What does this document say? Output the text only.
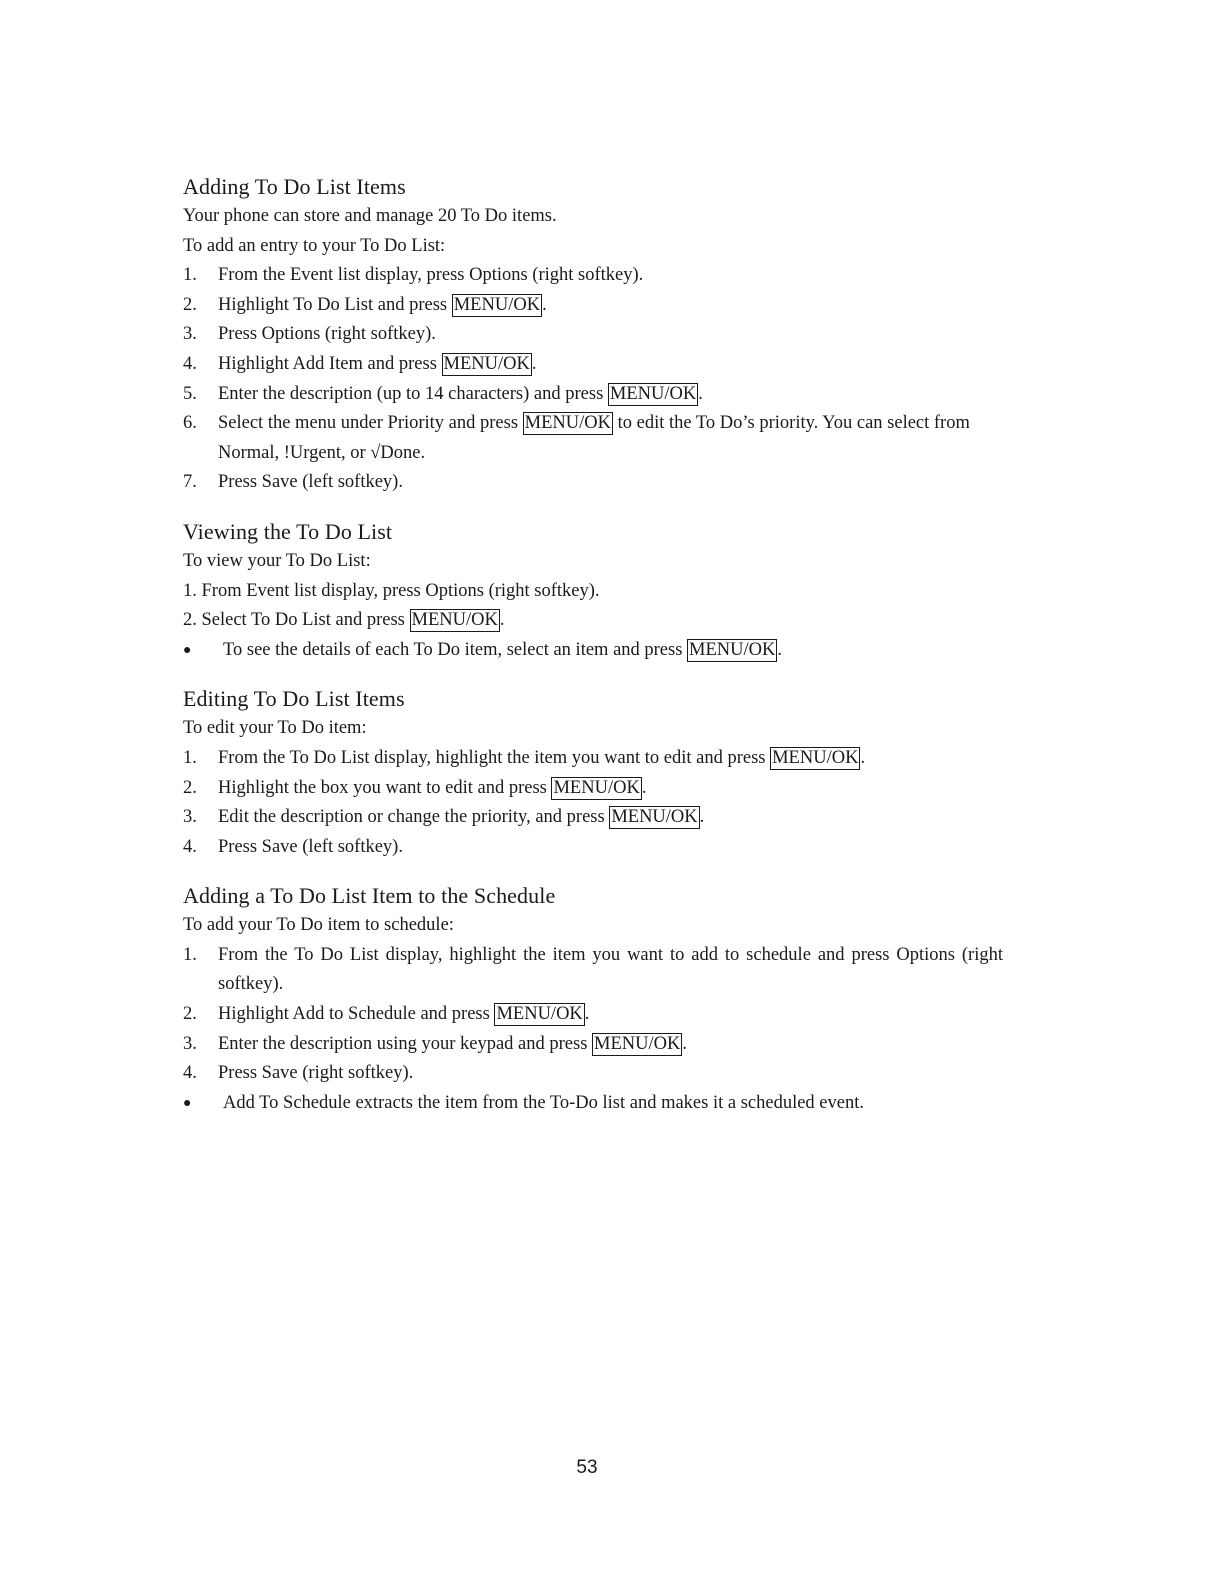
Adding To Do List Items

Your phone can store and manage 20 To Do items.

To add an entry to your To Do List:

1.	From the Event list display, press Options (right softkey).
2.	Highlight To Do List and press MENU/OK .
3.	Press Options (right softkey).
4.	Highlight Add Item and press MENU/OK .
5.	Enter the description (up to 14 characters) and press MENU/OK .
6.	Select the menu under Priority and press MENU/OK to edit the To Do’s priority. You can select from Normal, !Urgent, or √Done.
7.	Press Save (left softkey).
Viewing the To Do List

To view your To Do List:

1. From Event list display, press Options (right softkey).

2. Select To Do List and press MENU/OK .

●	To see the details of each To Do item, select an item and press MENU/OK .
Editing To Do List Items

To edit your To Do item:

1.	From the To Do List display, highlight the item you want to edit and press MENU/OK .
2.	Highlight the box you want to edit and press MENU/OK .
3.	Edit the description or change the priority, and press MENU/OK .
4.	Press Save (left softkey).
Adding a To Do List Item to the Schedule

To add your To Do item to schedule:

1.	From the To Do List display, highlight the item you want to add to schedule and press Options (right softkey).
2.	Highlight Add to Schedule and press MENU/OK .
3.	Enter the description using your keypad and press MENU/OK .
4.	Press Save (right softkey).
●	Add To Schedule extracts the item from the To-Do list and makes it a scheduled event.
53
